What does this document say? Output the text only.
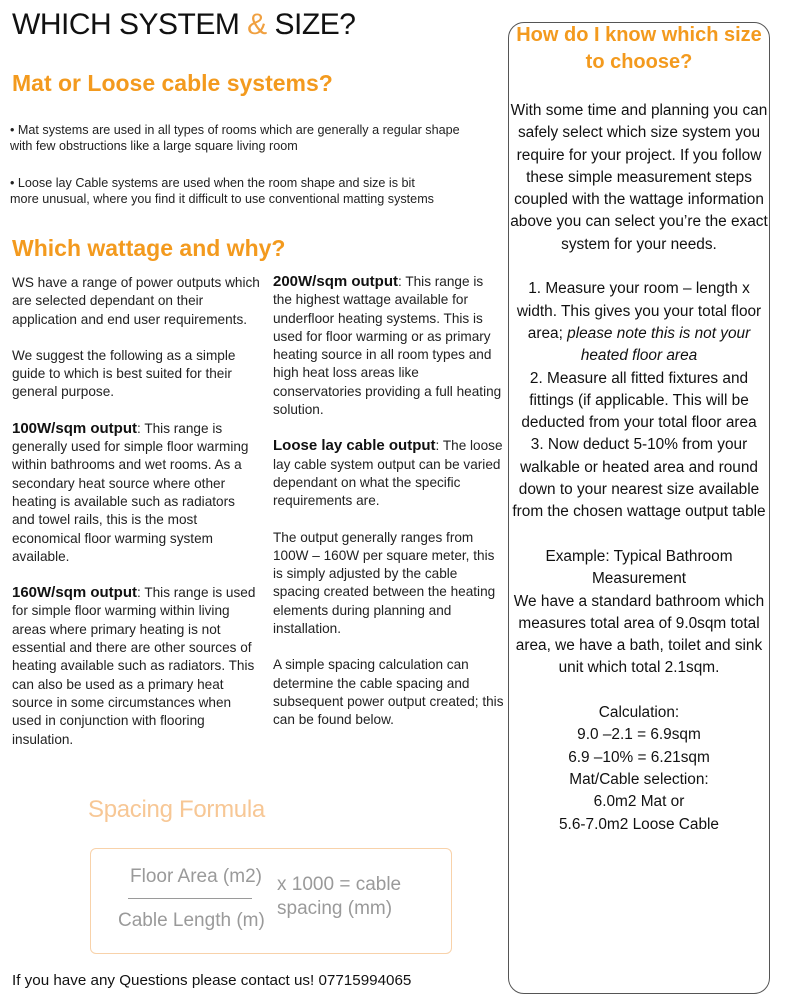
WHICH SYSTEM & SIZE?
Mat or Loose cable systems?
• Mat systems are used in all types of rooms which are generally a regular shape with few obstructions like a large square living room
• Loose lay Cable systems are used when the room shape and size is bit more unusual, where you find it difficult to use conventional matting systems
Which wattage and why?

WS have a range of power outputs which are selected dependant on their application and end user requirements.

We suggest the following as a simple guide to which is best suited for their general purpose.

100W/sqm output: This range is generally used for simple floor warming within bathrooms and wet rooms. As a secondary heat source where other heating is available such as radiators and towel rails, this is the most economical floor warming system available.

160W/sqm output: This range is used for simple floor warming within living areas where primary heating is not essential and there are other sources of heating available such as radiators. This can also be used as a primary heat source in some circumstances when used in conjunction with flooring insulation.

200W/sqm output: This range is the highest wattage available for underfloor heating systems. This is used for floor warming or as primary heating source in all room types and high heat loss areas like conservatories providing a full heating solution.

Loose lay cable output: The loose lay cable system output can be varied dependant on what the specific requirements are.

The output generally ranges from 100W – 160W per square meter, this is simply adjusted by the cable spacing created between the heating elements during planning and installation.

A simple spacing calculation can determine the cable spacing and subsequent power output created; this can be found below.

Spacing Formula
Floor Area (m2)
Cable Length (m)
x 1000 = cable
spacing (mm)
If you have any Questions please contact us! 07715994065
How do I know which size to choose?
With some time and planning you can safely select which size system you require for your project. If you follow these simple measurement steps coupled with the wattage information above you can select you’re the exact system for your needs.

1. Measure your room – length x width. This gives you your total floor area; please note this is not your heated floor area
2. Measure all fitted fixtures and fittings (if applicable. This will be deducted from your total floor area
3. Now deduct 5-10% from your walkable or heated area and round down to your nearest size available from the chosen wattage output table

Example: Typical Bathroom Measurement
We have a standard bathroom which measures total area of 9.0sqm total area, we have a bath, toilet and sink unit which total 2.1sqm.

Calculation:
9.0 –2.1 = 6.9sqm
6.9 –10% = 6.21sqm
Mat/Cable selection:
6.0m2 Mat or
5.6-7.0m2 Loose Cable
